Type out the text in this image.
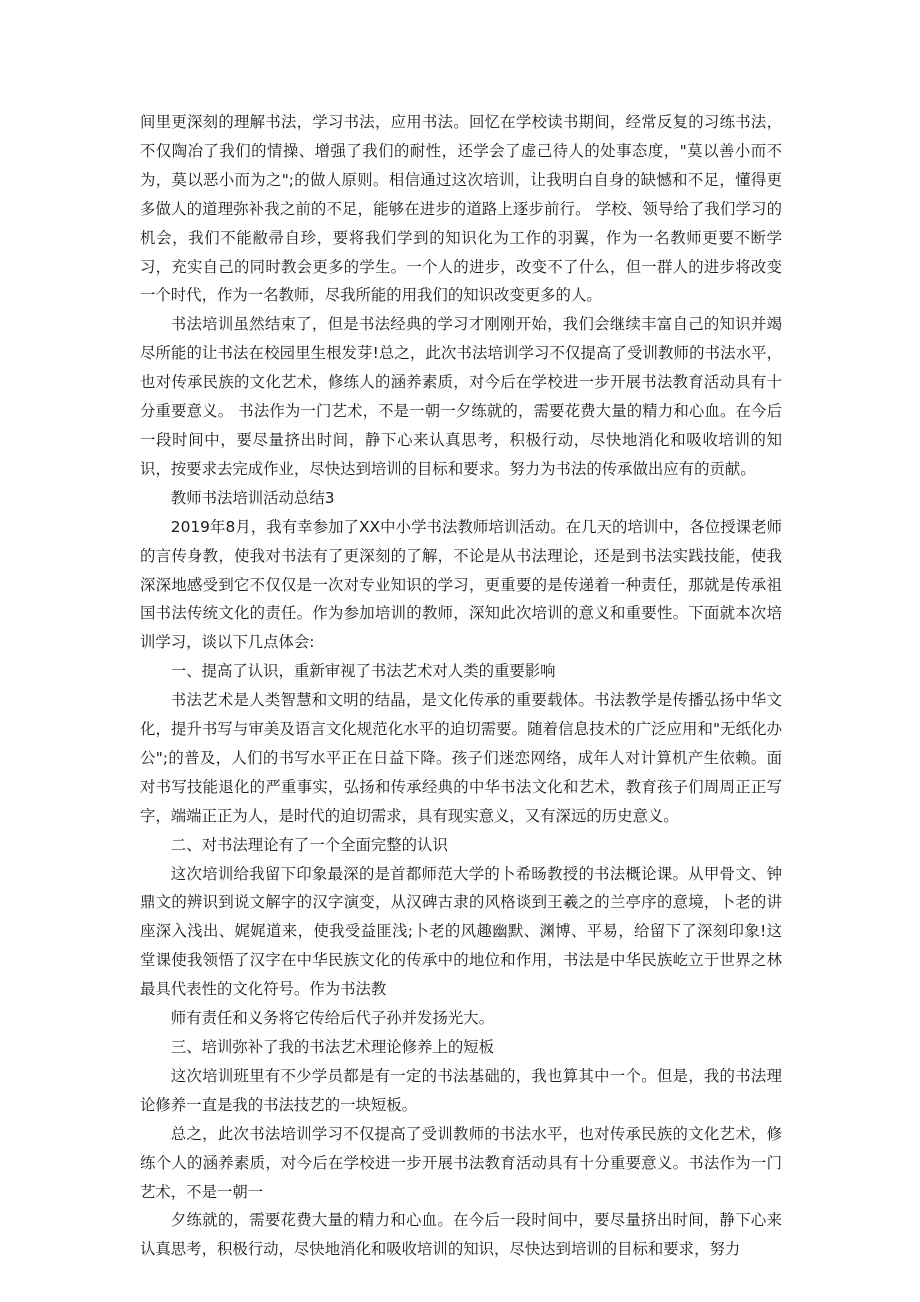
间里更深刻的理解书法，学习书法，应用书法。回忆在学校读书期间，经常反复的习练书法，不仅陶冶了我们的情操、增强了我们的耐性，还学会了虚己待人的处事态度，"莫以善小而不为，莫以恶小而为之";的做人原则。相信通过这次培训，让我明白自身的缺憾和不足，懂得更多做人的道理弥补我之前的不足，能够在进步的道路上逐步前行。 学校、领导给了我们学习的机会，我们不能敝帚自珍，要将我们学到的知识化为工作的羽翼，作为一名教师更要不断学习，充实自己的同时教会更多的学生。一个人的进步，改变不了什么，但一群人的进步将改变一个时代，作为一名教师，尽我所能的用我们的知识改变更多的人。

书法培训虽然结束了，但是书法经典的学习才刚刚开始，我们会继续丰富自己的知识并竭尽所能的让书法在校园里生根发芽!总之，此次书法培训学习不仅提高了受训教师的书法水平，也对传承民族的文化艺术，修练人的涵养素质，对今后在学校进一步开展书法教育活动具有十分重要意义。 书法作为一门艺术，不是一朝一夕练就的，需要花费大量的精力和心血。在今后一段时间中，要尽量挤出时间，静下心来认真思考，积极行动，尽快地消化和吸收培训的知识，按要求去完成作业，尽快达到培训的目标和要求。努力为书法的传承做出应有的贡献。

教师书法培训活动总结3

2019年8月，我有幸参加了XX中小学书法教师培训活动。在几天的培训中，各位授课老师的言传身教，使我对书法有了更深刻的了解，不论是从书法理论，还是到书法实践技能，使我深深地感受到它不仅仅是一次对专业知识的学习，更重要的是传递着一种责任，那就是传承祖国书法传统文化的责任。作为参加培训的教师，深知此次培训的意义和重要性。下面就本次培训学习，谈以下几点体会:

一、提高了认识，重新审视了书法艺术对人类的重要影响

书法艺术是人类智慧和文明的结晶，是文化传承的重要载体。书法教学是传播弘扬中华文化，提升书写与审美及语言文化规范化水平的迫切需要。随着信息技术的广泛应用和"无纸化办公";的普及，人们的书写水平正在日益下降。孩子们迷恋网络，成年人对计算机产生依赖。面对书写技能退化的严重事实，弘扬和传承经典的中华书法文化和艺术，教育孩子们周周正正写字，端端正正为人，是时代的迫切需求，具有现实意义，又有深远的历史意义。

二、对书法理论有了一个全面完整的认识

这次培训给我留下印象最深的是首都师范大学的卜希旸教授的书法概论课。从甲骨文、钟鼎文的辨识到说文解字的汉字演变，从汉碑古隶的风格谈到王羲之的兰亭序的意境，卜老的讲座深入浅出、娓娓道来，使我受益匪浅;卜老的风趣幽默、渊博、平易，给留下了深刻印象!这堂课使我领悟了汉字在中华民族文化的传承中的地位和作用，书法是中华民族屹立于世界之林最具代表性的文化符号。作为书法教

师有责任和义务将它传给后代子孙并发扬光大。

三、培训弥补了我的书法艺术理论修养上的短板

这次培训班里有不少学员都是有一定的书法基础的，我也算其中一个。但是，我的书法理论修养一直是我的书法技艺的一块短板。

总之，此次书法培训学习不仅提高了受训教师的书法水平，也对传承民族的文化艺术，修练个人的涵养素质，对今后在学校进一步开展书法教育活动具有十分重要意义。书法作为一门艺术，不是一朝一

夕练就的，需要花费大量的精力和心血。在今后一段时间中，要尽量挤出时间，静下心来认真思考，积极行动，尽快地消化和吸收培训的知识，尽快达到培训的目标和要求，努力
